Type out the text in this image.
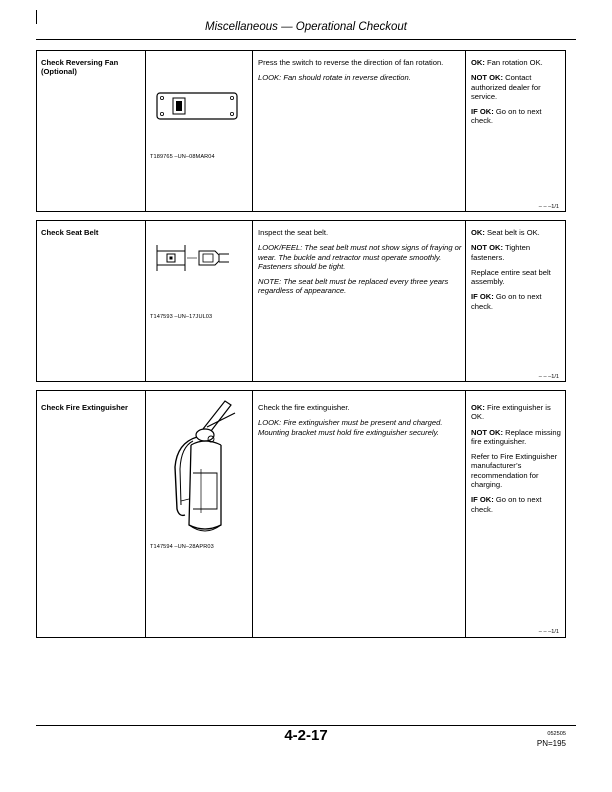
Miscellaneous — Operational Checkout
Check Reversing Fan (Optional)
T189765 –UN–08MAR04

Press the switch to reverse the direction of fan rotation.

LOOK: Fan should rotate in reverse direction.

OK: Fan rotation OK.

NOT OK: Contact authorized dealer for service.

IF OK: Go on to next check.

– – –1/1
Check Seat Belt
T147593 –UN–17JUL03

Inspect the seat belt.

LOOK/FEEL: The seat belt must not show signs of fraying or wear. The buckle and retractor must operate smoothly. Fasteners should be tight.

NOTE: The seat belt must be replaced every three years regardless of appearance.

OK: Seat belt is OK.

NOT OK: Tighten fasteners.

Replace entire seat belt assembly.

IF OK: Go on to next check.

– – –1/1
Check Fire Extinguisher
T147594 –UN–28APR03

Check the fire extinguisher.

LOOK: Fire extinguisher must be present and charged. Mounting bracket must hold fire extinguisher securely.

OK: Fire extinguisher is OK.

NOT OK: Replace missing fire extinguisher.

Refer to Fire Extinguisher manufacturer’s recommendation for charging.

IF OK: Go on to next check.

– – –1/1
4-2-17	052505
PN=195
